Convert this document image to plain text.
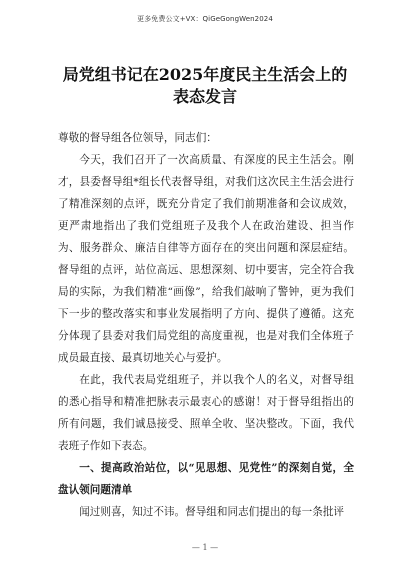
更多免费公文+VX：QiGeGongWen2024
局党组书记在2025年度民主生活会上的
表态发言

尊敬的督导组各位领导，同志们：

今天，我们召开了一次高质量、有深度的民主生活会。刚才，县委督导组*组长代表督导组，对我们这次民主生活会进行了精准深刻的点评，既充分肯定了我们前期准备和会议成效，更严肃地指出了我们党组班子及我个人在政治建设、担当作为、服务群众、廉洁自律等方面存在的突出问题和深层症结。督导组的点评，站位高远、思想深刻、切中要害，完全符合我局的实际，为我们精准“画像”，给我们敲响了警钟，更为我们下一步的整改落实和事业发展指明了方向、提供了遵循。这充分体现了县委对我们局党组的高度重视，也是对我们全体班子成员最直接、最真切地关心与爱护。

在此，我代表局党组班子，并以我个人的名义，对督导组的悉心指导和精准把脉表示最衷心的感谢！对于督导组指出的所有问题，我们诚恳接受、照单全收、坚决整改。下面，我代表班子作如下表态。

一、提高政治站位，以“见思想、见党性”的深刻自觉，全盘认领问题清单

闻过则喜，知过不讳。督导组和同志们提出的每一条批评

— 1 —
